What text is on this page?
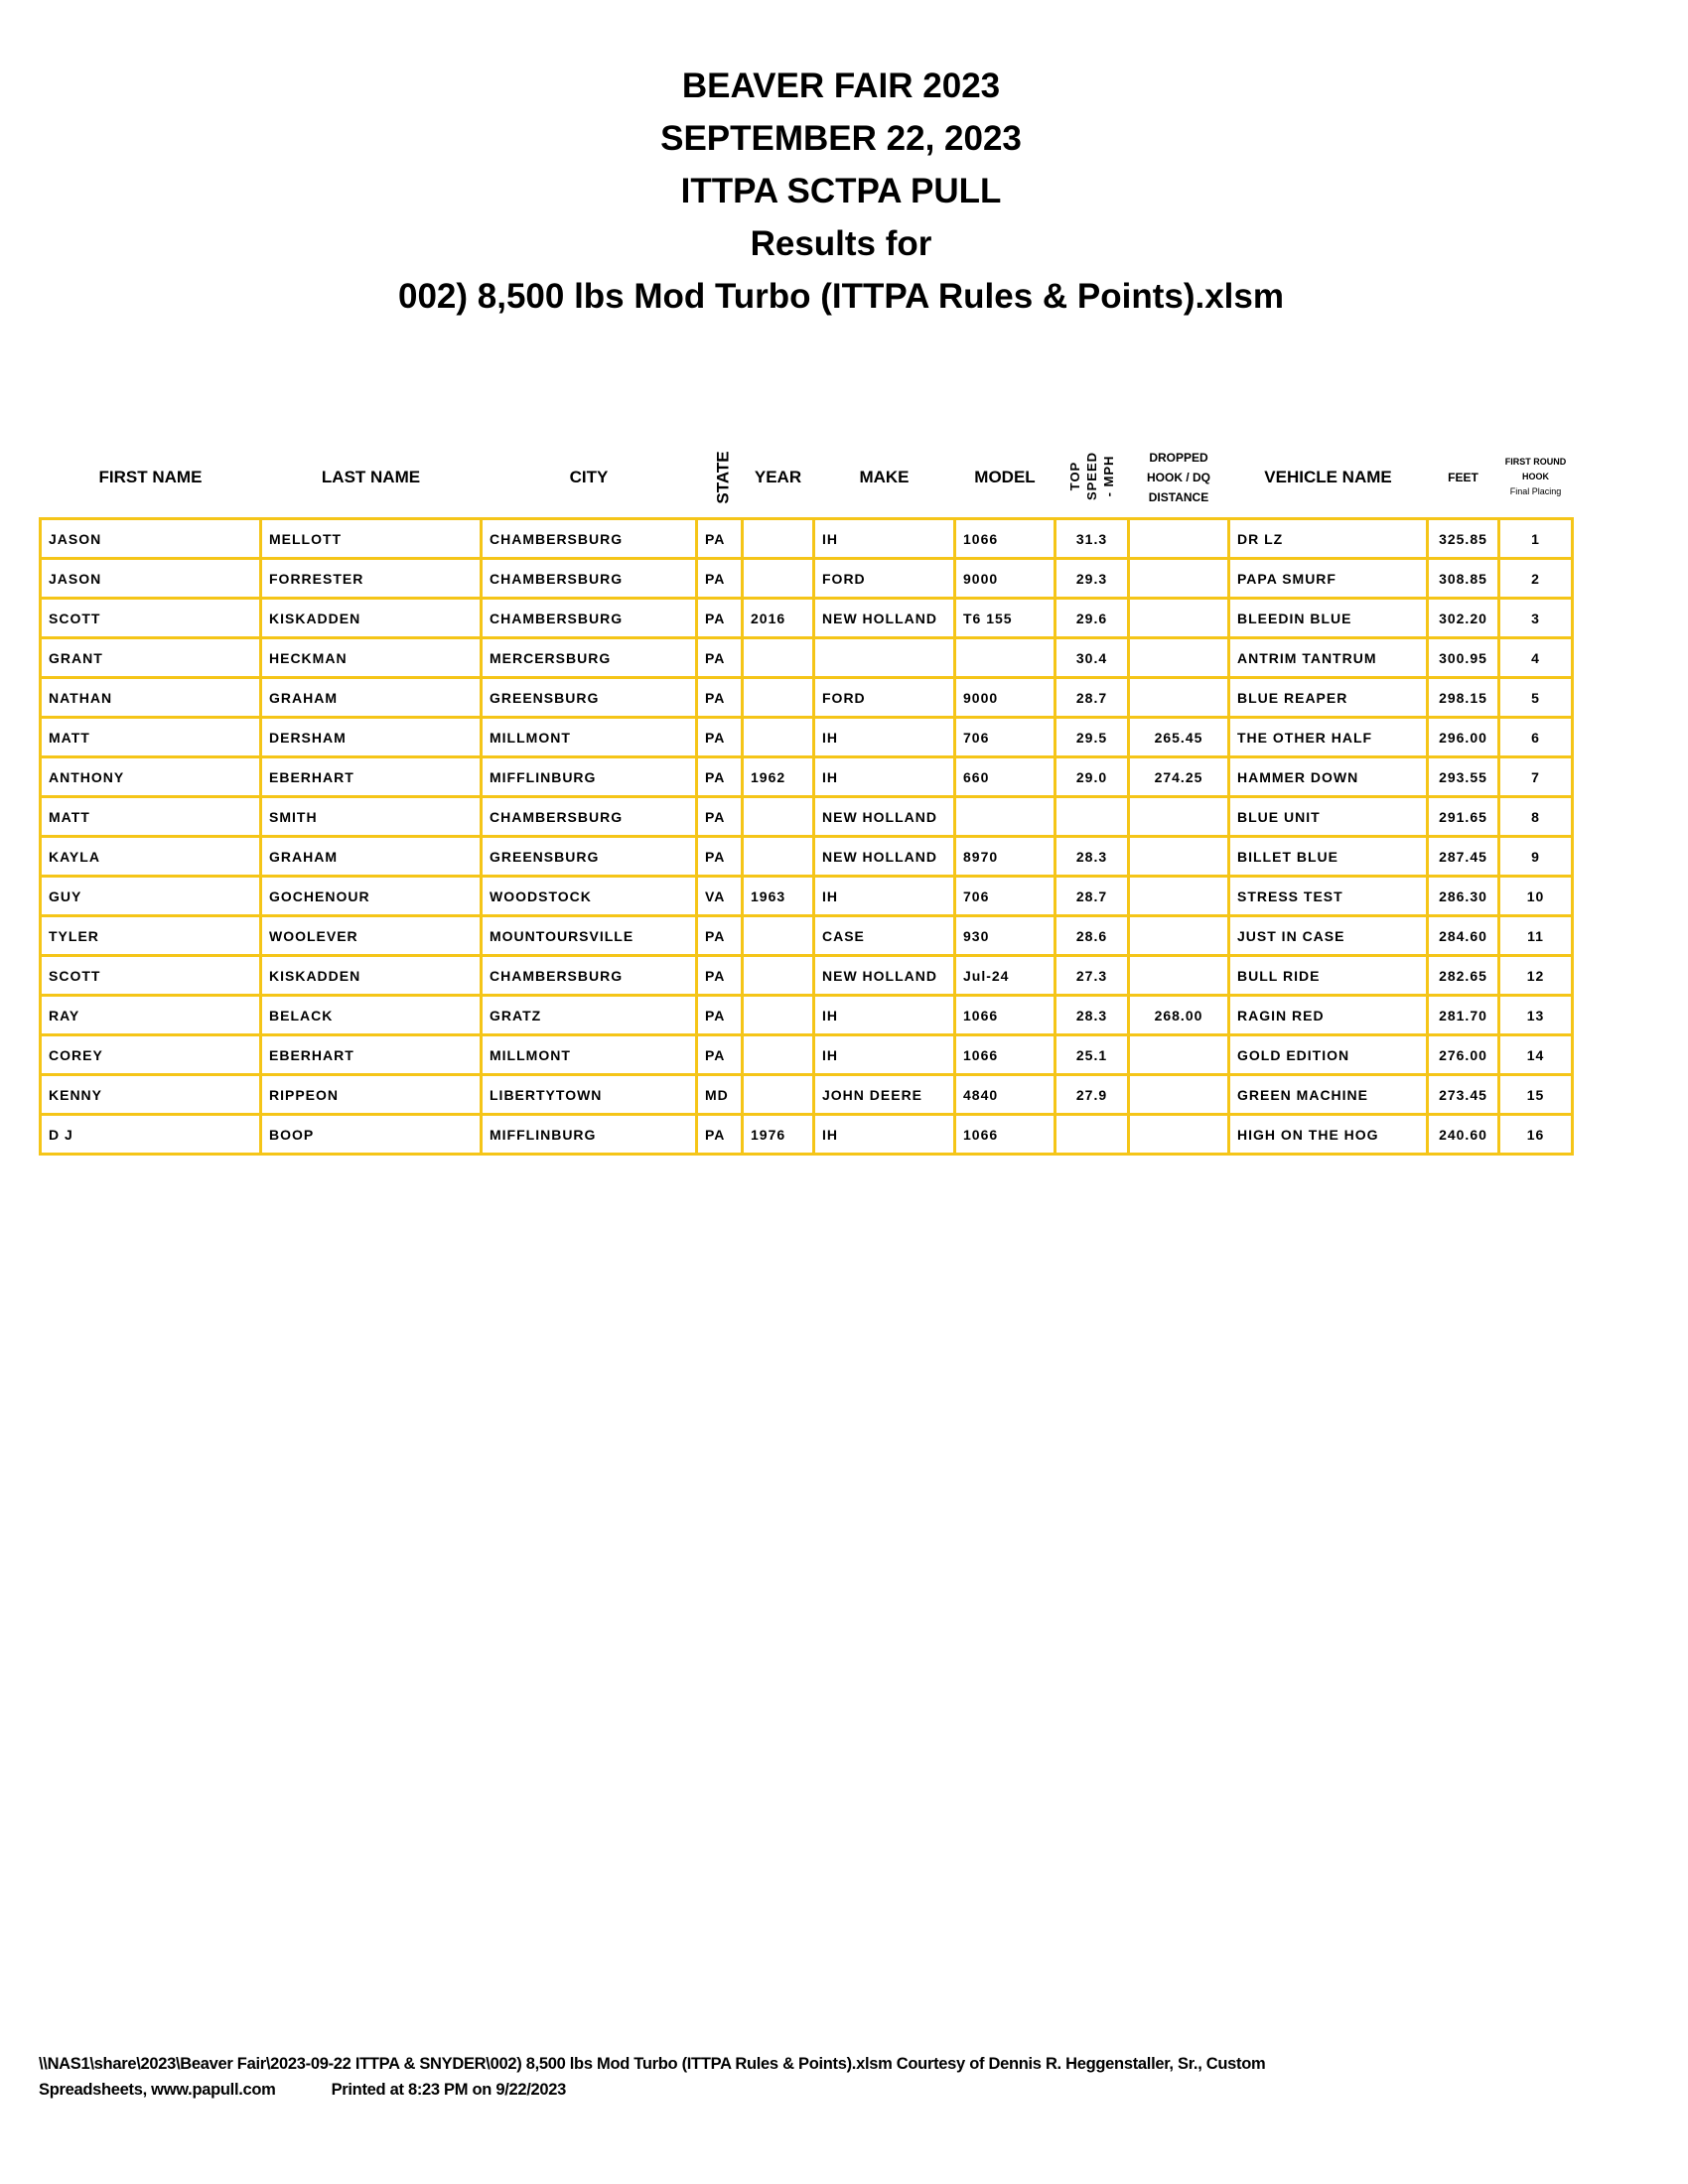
BEAVER FAIR 2023
SEPTEMBER 22, 2023
ITTPA SCTPA PULL
Results for
002) 8,500 lbs Mod Turbo (ITTPA Rules & Points).xlsm
FIRST NAME	LAST NAME	CITY	STATE	YEAR	MAKE	MODEL	TOP SPEED - MPH	DROPPED
HOOK / DQ
DISTANCE	VEHICLE NAME	FEET	FIRST ROUND
HOOK
Final Placing
JASON	MELLOTT	CHAMBERSBURG	PA		IH	1066	31.3		DR LZ	325.85	1
JASON	FORRESTER	CHAMBERSBURG	PA		FORD	9000	29.3		PAPA SMURF	308.85	2
SCOTT	KISKADDEN	CHAMBERSBURG	PA	2016	NEW HOLLAND	T6 155	29.6		BLEEDIN BLUE	302.20	3
GRANT	HECKMAN	MERCERSBURG	PA				30.4		ANTRIM TANTRUM	300.95	4
NATHAN	GRAHAM	GREENSBURG	PA		FORD	9000	28.7		BLUE REAPER	298.15	5
MATT	DERSHAM	MILLMONT	PA		IH	706	29.5	265.45	THE OTHER HALF	296.00	6
ANTHONY	EBERHART	MIFFLINBURG	PA	1962	IH	660	29.0	274.25	HAMMER DOWN	293.55	7
MATT	SMITH	CHAMBERSBURG	PA		NEW HOLLAND				BLUE UNIT	291.65	8
KAYLA	GRAHAM	GREENSBURG	PA		NEW HOLLAND	8970	28.3		BILLET BLUE	287.45	9
GUY	GOCHENOUR	WOODSTOCK	VA	1963	IH	706	28.7		STRESS TEST	286.30	10
TYLER	WOOLEVER	MOUNTOURSVILLE	PA		CASE	930	28.6		JUST IN CASE	284.60	11
SCOTT	KISKADDEN	CHAMBERSBURG	PA		NEW HOLLAND	Jul-24	27.3		BULL RIDE	282.65	12
RAY	BELACK	GRATZ	PA		IH	1066	28.3	268.00	RAGIN RED	281.70	13
COREY	EBERHART	MILLMONT	PA		IH	1066	25.1		GOLD EDITION	276.00	14
KENNY	RIPPEON	LIBERTYTOWN	MD		JOHN DEERE	4840	27.9		GREEN MACHINE	273.45	15
D J	BOOP	MIFFLINBURG	PA	1976	IH	1066			HIGH ON THE HOG	240.60	16
\\NAS1\share\2023\Beaver Fair\2023-09-22 ITTPA & SNYDER\002) 8,500 lbs Mod Turbo (ITTPA Rules & Points).xlsm Courtesy of Dennis R. Heggenstaller, Sr., Custom
Spreadsheets, www.papull.com	Printed at 8:23 PM on 9/22/2023
